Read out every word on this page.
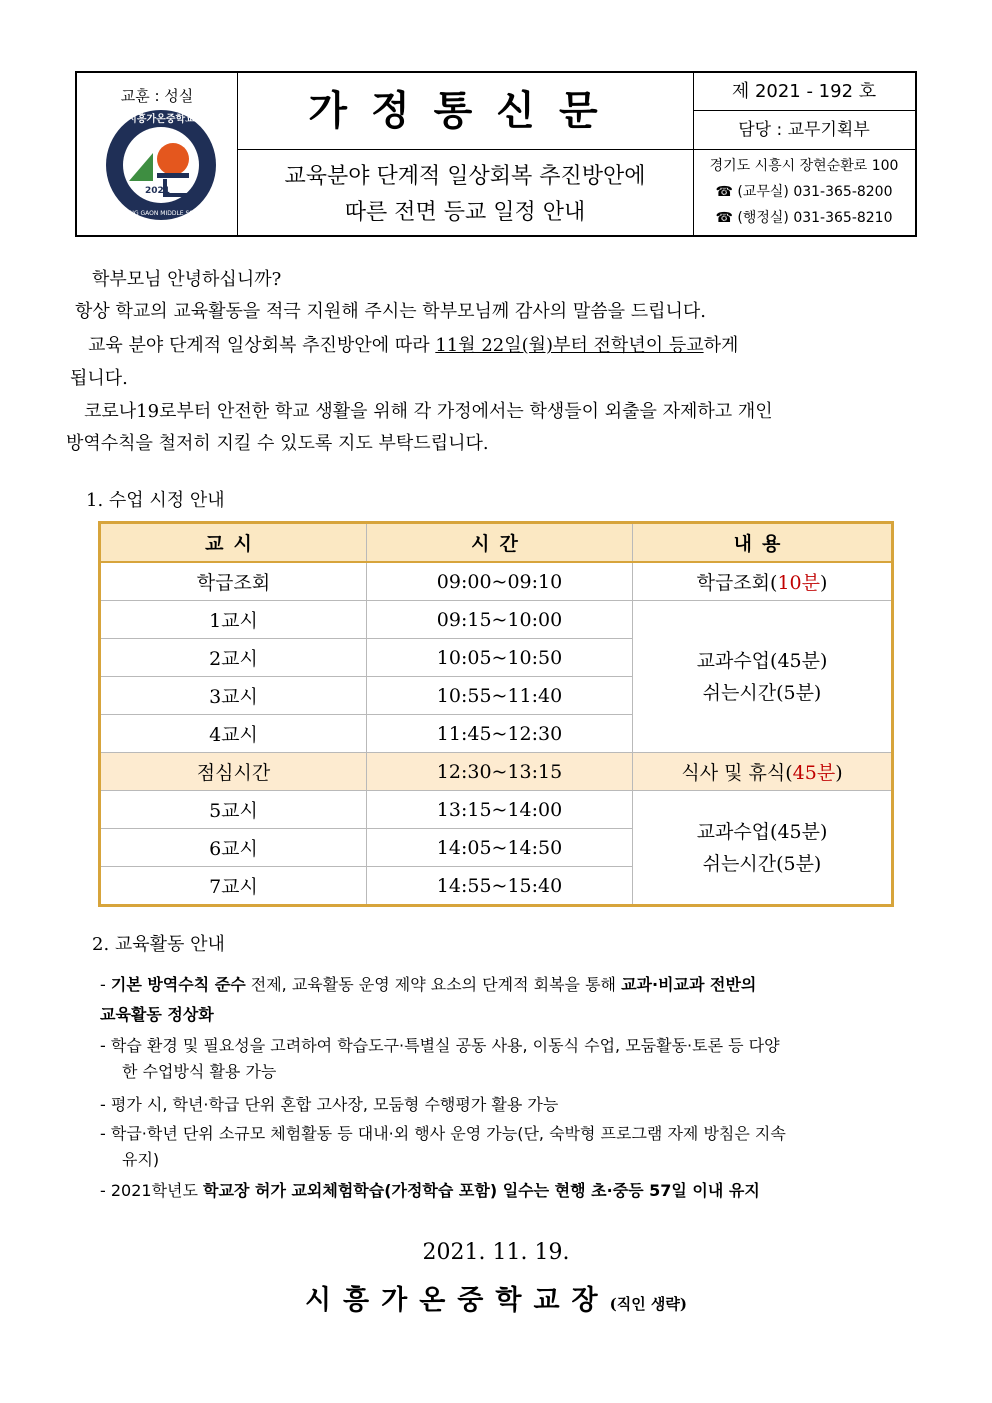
교훈 : 성실
2021
시흥가온중학교
SIHEUNG GAON MIDDLE SCHOOL
가정통신문
교육분야 단계적 일상회복 추진방안에
따른 전면 등교 일정 안내
제 2021 - 192 호
담당 : 교무기획부
경기도 시흥시 장현순환로 100
☎ (교무실) 031-365-8200
☎ (행정실) 031-365-8210
학부모님 안녕하십니까?
항상 학교의 교육활동을 적극 지원해 주시는 학부모님께 감사의 말씀을 드립니다.
교육 분야 단계적 일상회복 추진방안에 따라 11월 22일(월)부터 전학년이 등교하게
됩니다.
코로나19로부터 안전한 학교 생활을 위해 각 가정에서는 학생들이 외출을 자제하고 개인
방역수칙을 철저히 지킬 수 있도록 지도 부탁드립니다.
1. 수업 시정 안내
교시	시간	내용
학급조회	09:00~09:10	학급조회(10분)
1교시	09:15~10:00	교과수업(45분)
쉬는시간(5분)

2교시	10:05~10:50	
3교시	10:55~11:40	
4교시	11:45~12:30	
점심시간	12:30~13:15	식사 및 휴식(45분)
5교시	13:15~14:00	교과수업(45분)
쉬는시간(5분)

6교시	14:05~14:50	
7교시	14:55~15:40	
2. 교육활동 안내
- 기본 방역수칙 준수 전제, 교육활동 운영 제약 요소의 단계적 회복을 통해 교과·비교과 전반의
교육활동 정상화
- 학습 환경 및 필요성을 고려하여 학습도구·특별실 공동 사용, 이동식 수업, 모둠활동·토론 등 다양
한 수업방식 활용 가능
- 평가 시, 학년·학급 단위 혼합 고사장, 모둠형 수행평가 활용 가능
- 학급·학년 단위 소규모 체험활동 등 대내·외 행사 운영 가능(단, 숙박형 프로그램 자제 방침은 지속
유지)
- 2021학년도 학교장 허가 교외체험학습(가정학습 포함) 일수는 현행 초·중등 57일 이내 유지
2021. 11. 19.
시흥가온중학교장(직인 생략)
